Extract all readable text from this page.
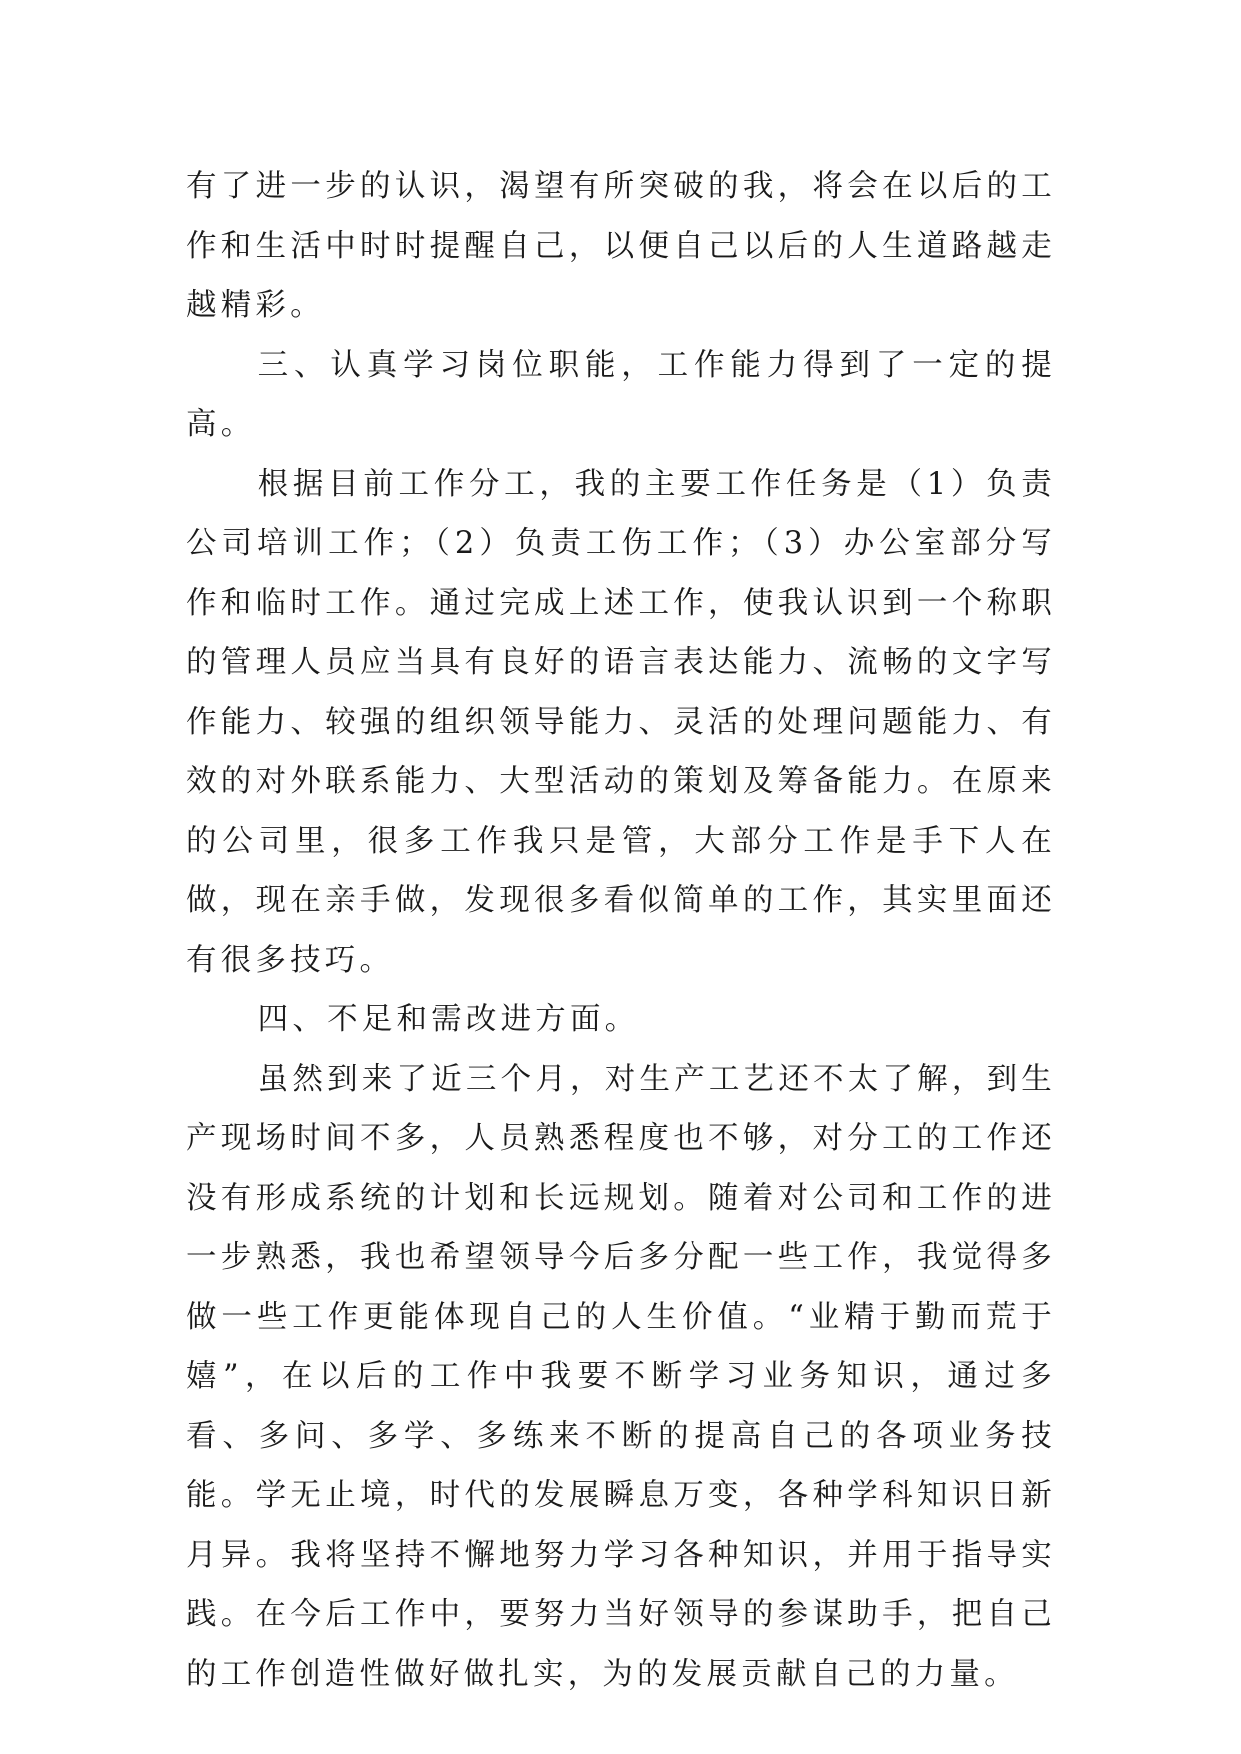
有了进一步的认识，渴望有所突破的我，将会在以后的工作和生活中时时提醒自己，以便自己以后的人生道路越走越精彩。

三、认真学习岗位职能，工作能力得到了一定的提高。

根据目前工作分工，我的主要工作任务是（1）负责公司培训工作；（2）负责工伤工作；（3）办公室部分写作和临时工作。通过完成上述工作，使我认识到一个称职的管理人员应当具有良好的语言表达能力、流畅的文字写作能力、较强的组织领导能力、灵活的处理问题能力、有效的对外联系能力、大型活动的策划及筹备能力。在原来的公司里，很多工作我只是管，大部分工作是手下人在做，现在亲手做，发现很多看似简单的工作，其实里面还有很多技巧。

四、不足和需改进方面。

虽然到来了近三个月，对生产工艺还不太了解，到生产现场时间不多，人员熟悉程度也不够，对分工的工作还没有形成系统的计划和长远规划。随着对公司和工作的进一步熟悉，我也希望领导今后多分配一些工作，我觉得多做一些工作更能体现自己的人生价值。“业精于勤而荒于嬉”，在以后的工作中我要不断学习业务知识，通过多看、多问、多学、多练来不断的提高自己的各项业务技能。学无止境，时代的发展瞬息万变，各种学科知识日新月异。我将坚持不懈地努力学习各种知识，并用于指导实践。在今后工作中，要努力当好领导的参谋助手，把自己的工作创造性做好做扎实，为的发展贡献自己的力量。
